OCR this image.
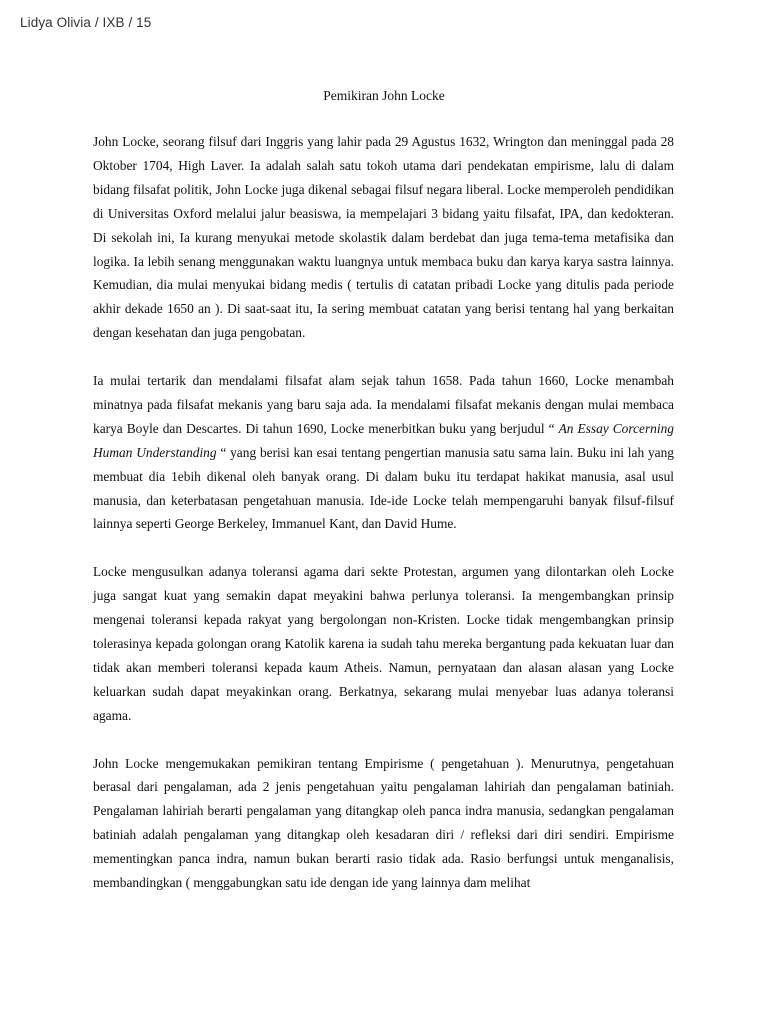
Lidya Olivia / IXB / 15
Pemikiran John Locke

John Locke, seorang filsuf dari Inggris yang lahir pada 29 Agustus 1632, Wrington dan meninggal pada 28 Oktober 1704, High Laver. Ia adalah salah satu tokoh utama dari pendekatan empirisme, lalu di dalam bidang filsafat politik, John Locke juga dikenal sebagai filsuf negara liberal. Locke memperoleh pendidikan di Universitas Oxford melalui jalur beasiswa, ia mempelajari 3 bidang yaitu filsafat, IPA, dan kedokteran. Di sekolah ini, Ia kurang menyukai metode skolastik dalam berdebat dan juga tema-tema metafisika dan logika. Ia lebih senang menggunakan waktu luangnya untuk membaca buku dan karya karya sastra lainnya. Kemudian, dia mulai menyukai bidang medis ( tertulis di catatan pribadi Locke yang ditulis pada periode akhir dekade 1650 an ). Di saat-saat itu, Ia sering membuat catatan yang berisi tentang hal yang berkaitan dengan kesehatan dan juga pengobatan.

Ia mulai tertarik dan mendalami filsafat alam sejak tahun 1658. Pada tahun 1660, Locke menambah minatnya pada filsafat mekanis yang baru saja ada. Ia mendalami filsafat mekanis dengan mulai membaca karya Boyle dan Descartes. Di tahun 1690, Locke menerbitkan buku yang berjudul “ An Essay Corcerning Human Understanding “ yang berisi kan esai tentang pengertian manusia satu sama lain. Buku ini lah yang membuat dia 1ebih dikenal oleh banyak orang. Di dalam buku itu terdapat hakikat manusia, asal usul manusia, dan keterbatasan pengetahuan manusia. Ide-ide Locke telah mempengaruhi banyak filsuf-filsuf lainnya seperti George Berkeley, Immanuel Kant, dan David Hume.

Locke mengusulkan adanya toleransi agama dari sekte Protestan, argumen yang dilontarkan oleh Locke juga sangat kuat yang semakin dapat meyakini bahwa perlunya toleransi. Ia mengembangkan prinsip mengenai toleransi kepada rakyat yang bergolongan non-Kristen. Locke tidak mengembangkan prinsip tolerasinya kepada golongan orang Katolik karena ia sudah tahu mereka bergantung pada kekuatan luar dan tidak akan memberi toleransi kepada kaum Atheis. Namun, pernyataan dan alasan alasan yang Locke keluarkan sudah dapat meyakinkan orang. Berkatnya, sekarang mulai menyebar luas adanya toleransi agama.

John Locke mengemukakan pemikiran tentang Empirisme ( pengetahuan ). Menurutnya, pengetahuan berasal dari pengalaman, ada 2 jenis pengetahuan yaitu pengalaman lahiriah dan pengalaman batiniah. Pengalaman lahiriah berarti pengalaman yang ditangkap oleh panca indra manusia, sedangkan pengalaman batiniah adalah pengalaman yang ditangkap oleh kesadaran diri / refleksi dari diri sendiri. Empirisme mementingkan panca indra, namun bukan berarti rasio tidak ada. Rasio berfungsi untuk menganalisis, membandingkan ( menggabungkan satu ide dengan ide yang lainnya dam melihat
